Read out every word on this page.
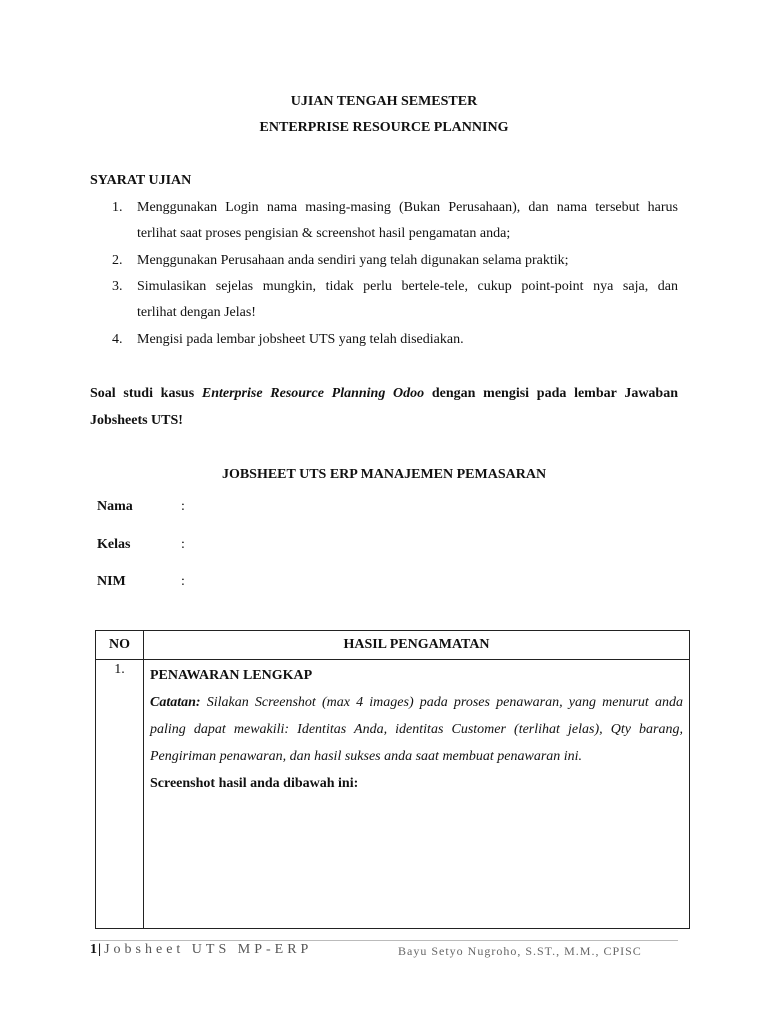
UJIAN TENGAH SEMESTER
ENTERPRISE RESOURCE PLANNING
SYARAT UJIAN
1.	Menggunakan Login nama masing-masing (Bukan Perusahaan), dan nama tersebut harus
terlihat saat proses pengisian & screenshot hasil pengamatan anda;
2.	Menggunakan Perusahaan anda sendiri yang telah digunakan selama praktik;
3.	Simulasikan sejelas mungkin, tidak perlu bertele-tele, cukup point-point nya saja, dan
terlihat dengan Jelas!
4.	Mengisi pada lembar jobsheet UTS yang telah disediakan.
Soal studi kasus Enterprise Resource Planning Odoo dengan mengisi pada lembar Jawaban
Jobsheets UTS!
JOBSHEET UTS ERP MANAJEMEN PEMASARAN
Nama	:
Kelas	:
NIM	:
NO	HASIL PENGAMATAN
1.	PENAWARAN LENGKAP
Catatan: Silakan Screenshot (max 4 images) pada proses penawaran, yang menurut anda paling dapat mewakili: Identitas Anda, identitas Customer (terlihat jelas), Qty barang, Pengiriman penawaran, dan hasil sukses anda saat membuat penawaran ini.
Screenshot hasil anda dibawah ini:
1| Jobsheet UTS MP-ERP	Bayu Setyo Nugroho, S.ST., M.M., CPISC
